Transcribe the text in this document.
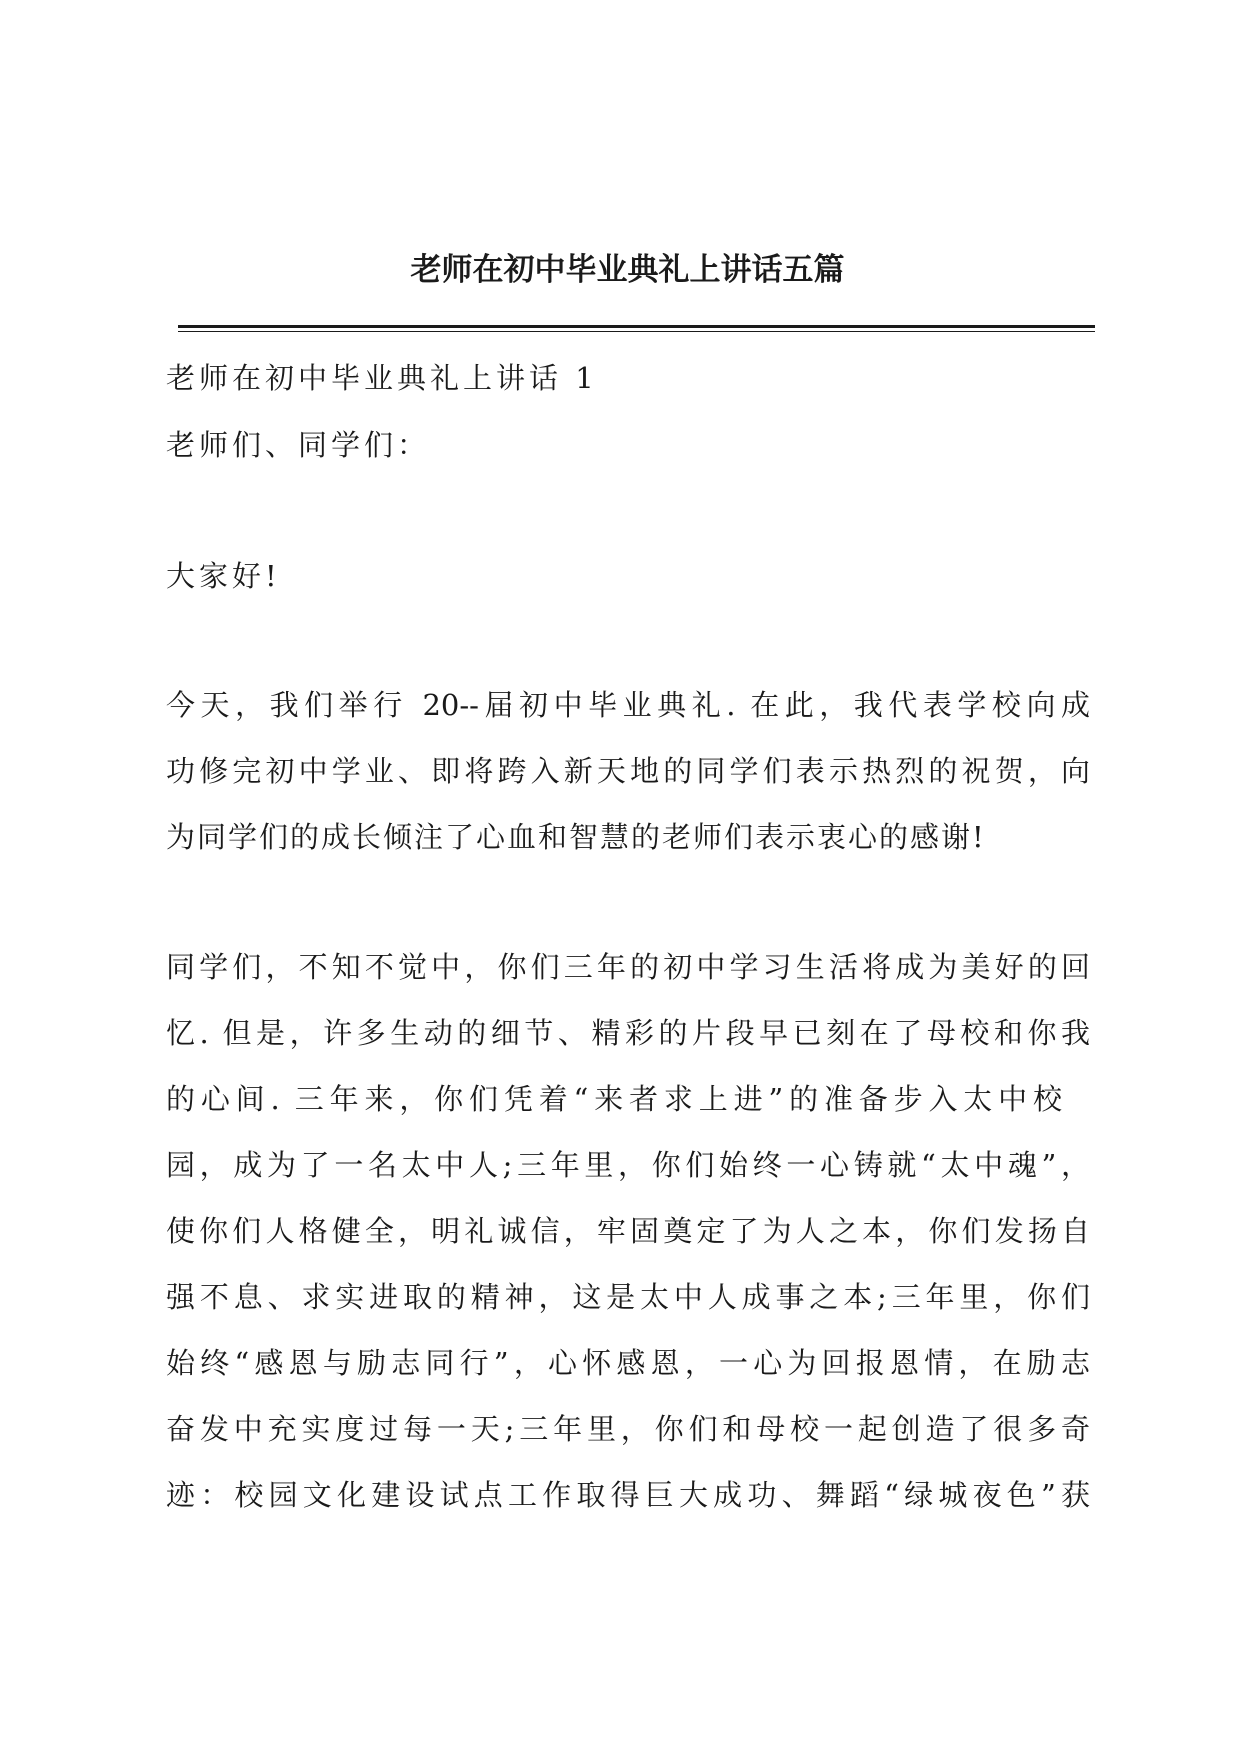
老师在初中毕业典礼上讲话五篇
老师在初中毕业典礼上讲话 1
老师们、同学们：
大家好!
今天，我们举行 20--届初中毕业典礼. 在此，我代表学校向成
功修完初中学业、即将跨入新天地的同学们表示热烈的祝贺，向
为同学们的成长倾注了心血和智慧的老师们表示衷心的感谢!
同学们，不知不觉中，你们三年的初中学习生活将成为美好的回
忆. 但是，许多生动的细节、精彩的片段早已刻在了母校和你我
的心间. 三年来，你们凭着“来者求上进”的准备步入太中校
园，成为了一名太中人;三年里，你们始终一心铸就“太中魂”，
使你们人格健全，明礼诚信，牢固奠定了为人之本，你们发扬自
强不息、求实进取的精神，这是太中人成事之本;三年里，你们
始终“感恩与励志同行”，心怀感恩，一心为回报恩情，在励志
奋发中充实度过每一天;三年里，你们和母校一起创造了很多奇
迹：校园文化建设试点工作取得巨大成功、舞蹈“绿城夜色”获
